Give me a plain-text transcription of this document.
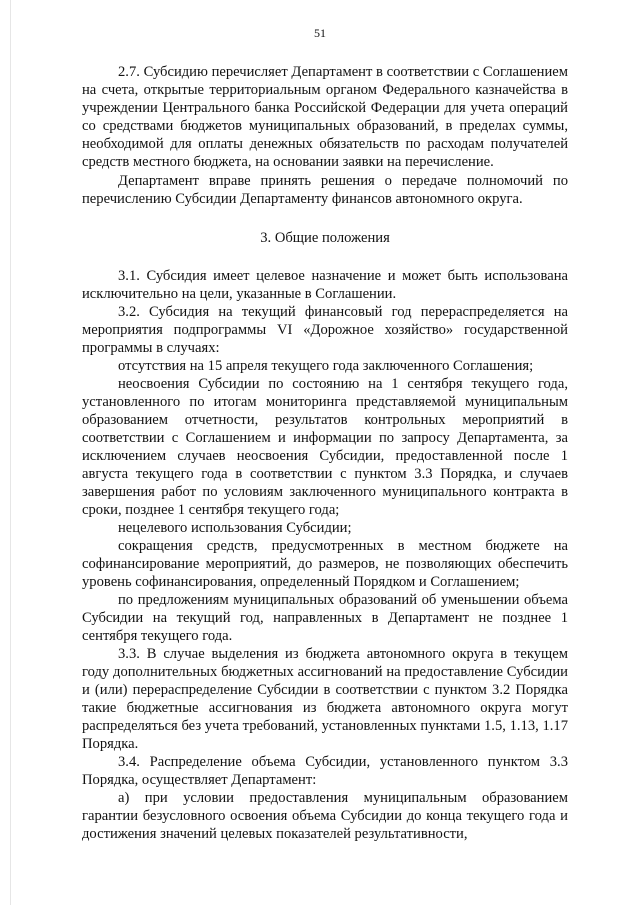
51

2.7. Субсидию перечисляет Департамент в соответствии с Соглашением на счета, открытые территориальным органом Федерального казначейства в учреждении Центрального банка Российской Федерации для учета операций со средствами бюджетов муниципальных образований, в пределах суммы, необходимой для оплаты денежных обязательств по расходам получателей средств местного бюджета, на основании заявки на перечисление.

Департамент вправе принять решения о передаче полномочий по перечислению Субсидии Департаменту финансов автономного округа.

3. Общие положения

3.1. Субсидия имеет целевое назначение и может быть использована исключительно на цели, указанные в Соглашении.

3.2. Субсидия на текущий финансовый год перераспределяется на мероприятия подпрограммы VI «Дорожное хозяйство» государственной программы в случаях:

отсутствия на 15 апреля текущего года заключенного Соглашения;

неосвоения Субсидии по состоянию на 1 сентября текущего года, установленного по итогам мониторинга представляемой муниципальным образованием отчетности, результатов контрольных мероприятий в соответствии с Соглашением и информации по запросу Департамента, за исключением случаев неосвоения Субсидии, предоставленной после 1 августа текущего года в соответствии с пунктом 3.3 Порядка, и случаев завершения работ по условиям заключенного муниципального контракта в сроки, позднее 1 сентября текущего года;

нецелевого использования Субсидии;

сокращения средств, предусмотренных в местном бюджете на софинансирование мероприятий, до размеров, не позволяющих обеспечить уровень софинансирования, определенный Порядком и Соглашением;

по предложениям муниципальных образований об уменьшении объема Субсидии на текущий год, направленных в Департамент не позднее 1 сентября текущего года.

3.3. В случае выделения из бюджета автономного округа в текущем году дополнительных бюджетных ассигнований на предоставление Субсидии и (или) перераспределение Субсидии в соответствии с пунктом 3.2 Порядка такие бюджетные ассигнования из бюджета автономного округа могут распределяться без учета требований, установленных пунктами 1.5, 1.13, 1.17 Порядка.

3.4. Распределение объема Субсидии, установленного пунктом 3.3 Порядка, осуществляет Департамент:

а) при условии предоставления муниципальным образованием гарантии безусловного освоения объема Субсидии до конца текущего года и достижения значений целевых показателей результативности,
